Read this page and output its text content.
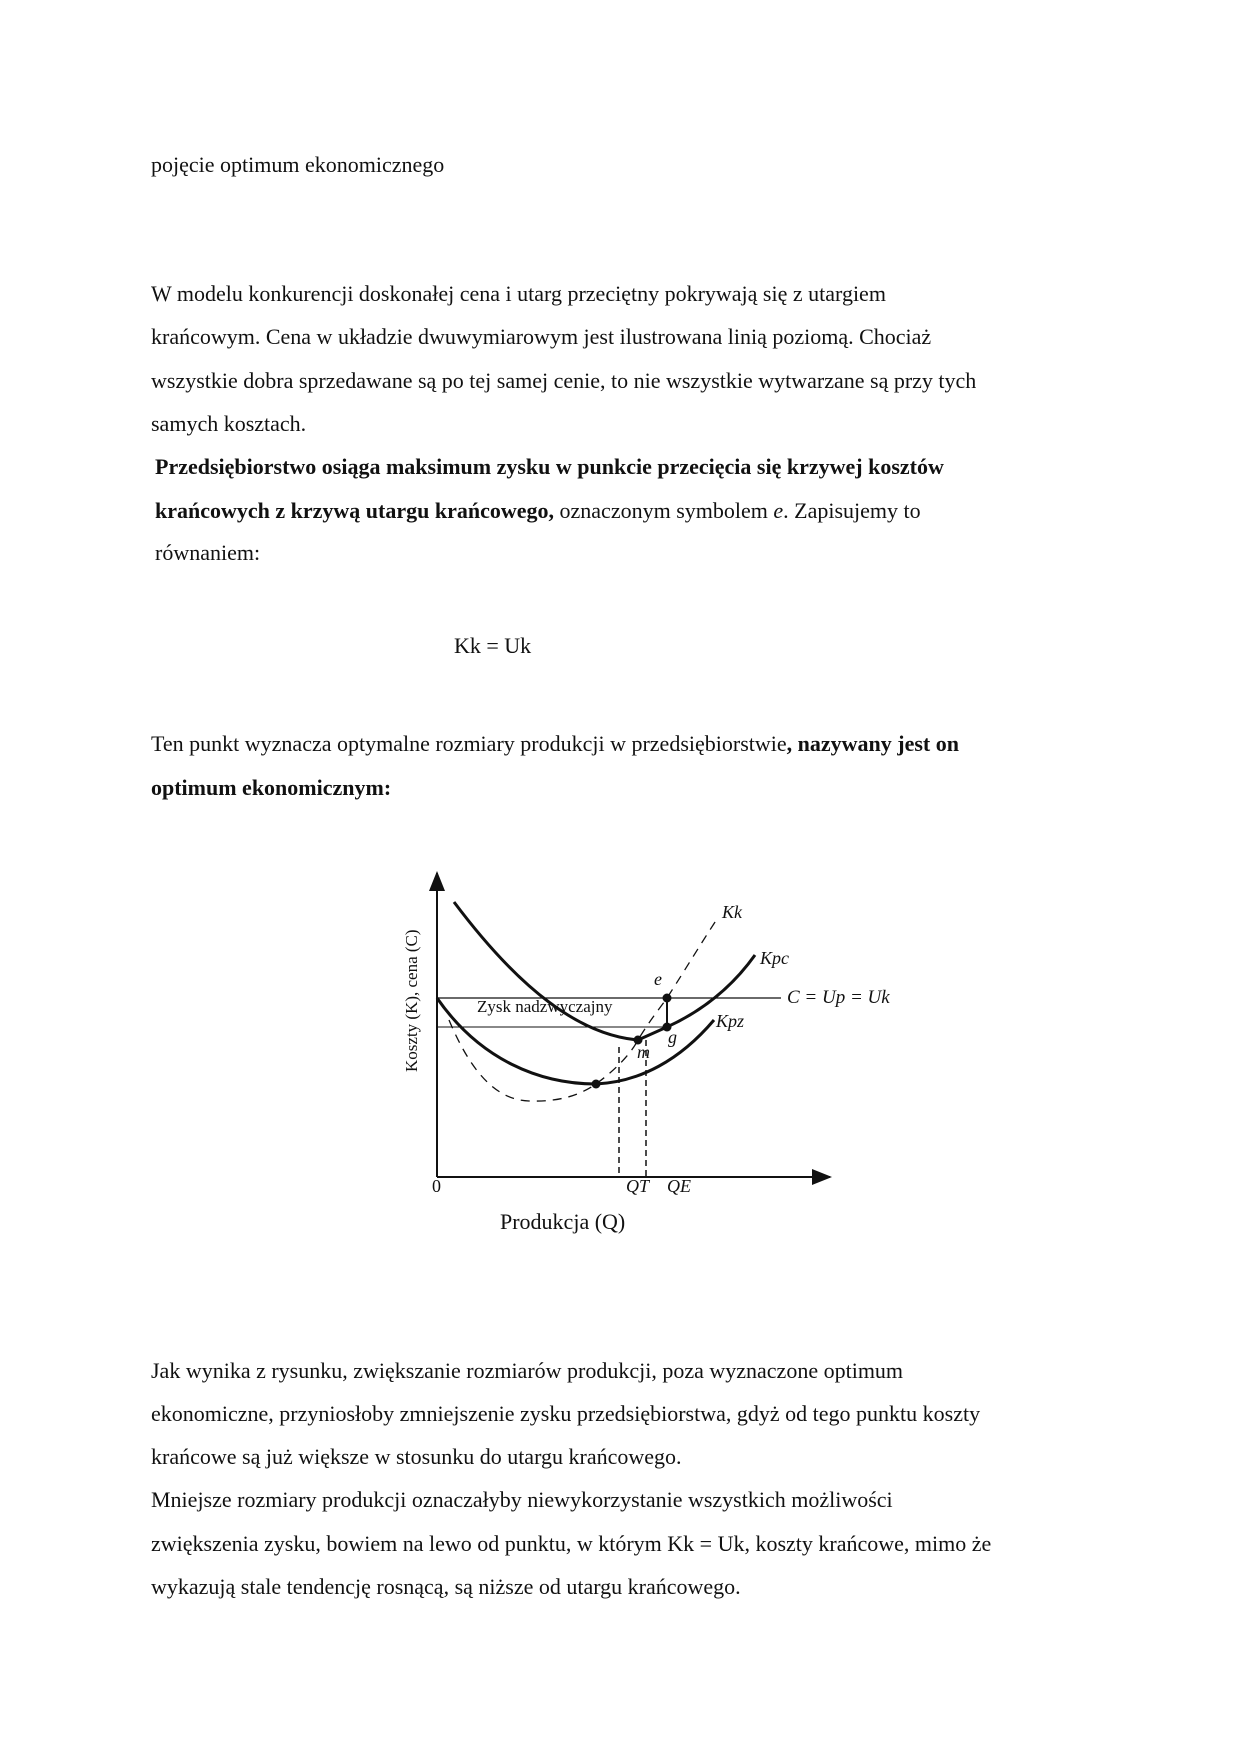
pojęcie optimum ekonomicznego
W modelu konkurencji doskonałej cena i utarg przeciętny pokrywają się z utargiem
krańcowym. Cena w układzie dwuwymiarowym jest ilustrowana linią poziomą. Chociaż
wszystkie dobra sprzedawane są po tej samej cenie, to nie wszystkie wytwarzane są przy tych
samych kosztach.
Przedsiębiorstwo osiąga maksimum zysku w punkcie przecięcia się krzywej kosztów
krańcowych z krzywą utargu krańcowego, oznaczonym symbolem e. Zapisujemy to
równaniem:
Kk = Uk
Ten punkt wyznacza optymalne rozmiary produkcji w przedsiębiorstwie, nazywany jest on
optimum ekonomicznym:
Koszty (K), cena (C)	Zysk nadzwyczajny	C = Up = Uk
Kk
Kpc
Kpz
e
g
m
0	QT QE
Produkcja (Q)
Jak wynika z rysunku, zwiększanie rozmiarów produkcji, poza wyznaczone optimum
ekonomiczne, przyniosłoby zmniejszenie zysku przedsiębiorstwa, gdyż od tego punktu koszty
krańcowe są już większe w stosunku do utargu krańcowego.
Mniejsze rozmiary produkcji oznaczałyby niewykorzystanie wszystkich możliwości
zwiększenia zysku, bowiem na lewo od punktu, w którym Kk = Uk, koszty krańcowe, mimo że
wykazują stale tendencję rosnącą, są niższe od utargu krańcowego.
